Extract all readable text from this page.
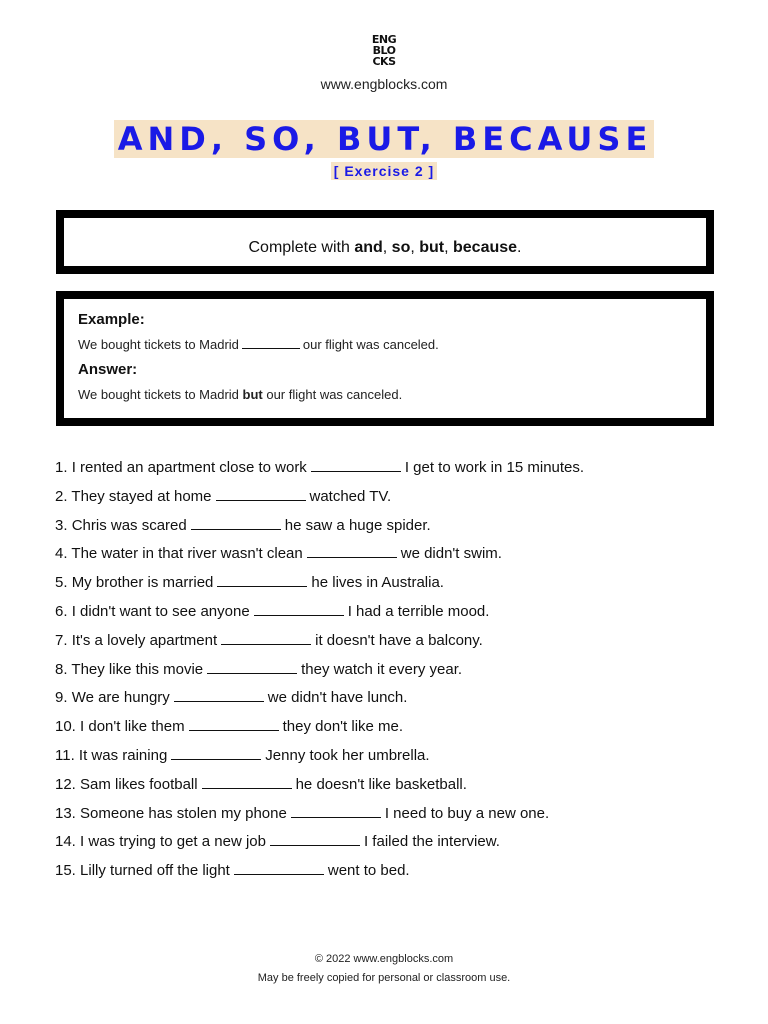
ENG
BLO
CKS
www.engblocks.com
AND, SO, BUT, BECAUSE
[ Exercise 2 ]
Complete with and, so, but, because.
Example:
We bought tickets to Madrid	our flight was canceled.
Answer:
We bought tickets to Madrid but our flight was canceled.
1. I rented an apartment close to work	I get to work in 15 minutes.
2. They stayed at home	watched TV.
3. Chris was scared	he saw a huge spider.
4. The water in that river wasn't clean	we didn't swim.
5. My brother is married	he lives in Australia.
6. I didn't want to see anyone	I had a terrible mood.
7. It's a lovely apartment	it doesn't have a balcony.
8. They like this movie	they watch it every year.
9. We are hungry	we didn't have lunch.
10. I don't like them	they don't like me.
11. It was raining	Jenny took her umbrella.
12. Sam likes football	he doesn't like basketball.
13. Someone has stolen my phone	I need to buy a new one.
14. I was trying to get a new job	I failed the interview.
15. Lilly turned off the light	went to bed.
© 2022 www.engblocks.com
May be freely copied for personal or classroom use.
